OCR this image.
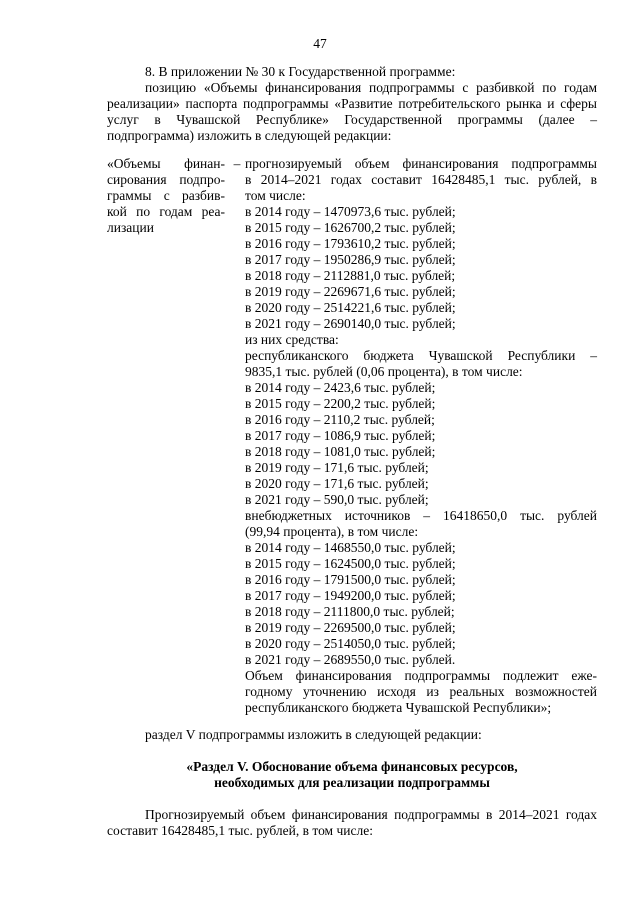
47
8. В приложении № 30 к Государственной программе:
позицию «Объемы финансирования подпрограммы с разбивкой по годам реализации» паспорта подпрограммы «Развитие потребительского рынка и сферы услуг в Чувашской Республике» Государственной программы (далее – подпрограмма) изложить в следующей редакции:
«Объемы финан-
сирования подпро-
граммы с разбив-
кой по годам реа-
лизации
– прогнозируемый объем финансирования подпрограммы
в 2014–2021 годах составит 16428485,1 тыс. рублей, в
том числе:
в 2014 году – 1470973,6 тыс. рублей;
в 2015 году – 1626700,2 тыс. рублей;
в 2016 году – 1793610,2 тыс. рублей;
в 2017 году – 1950286,9 тыс. рублей;
в 2018 году – 2112881,0 тыс. рублей;
в 2019 году – 2269671,6 тыс. рублей;
в 2020 году – 2514221,6 тыс. рублей;
в 2021 году – 2690140,0 тыс. рублей;
из них средства:
республиканского бюджета Чувашской Республики –
9835,1 тыс. рублей (0,06 процента), в том числе:
в 2014 году – 2423,6 тыс. рублей;
в 2015 году – 2200,2 тыс. рублей;
в 2016 году – 2110,2 тыс. рублей;
в 2017 году – 1086,9 тыс. рублей;
в 2018 году – 1081,0 тыс. рублей;
в 2019 году – 171,6 тыс. рублей;
в 2020 году – 171,6 тыс. рублей;
в 2021 году – 590,0 тыс. рублей;
внебюджетных источников – 16418650,0 тыс. рублей
(99,94 процента), в том числе:
в 2014 году – 1468550,0 тыс. рублей;
в 2015 году – 1624500,0 тыс. рублей;
в 2016 году – 1791500,0 тыс. рублей;
в 2017 году – 1949200,0 тыс. рублей;
в 2018 году – 2111800,0 тыс. рублей;
в 2019 году – 2269500,0 тыс. рублей;
в 2020 году – 2514050,0 тыс. рублей;
в 2021 году – 2689550,0 тыс. рублей.
Объем финансирования подпрограммы подлежит еже-
годному уточнению исходя из реальных возможностей
республиканского бюджета Чувашской Республики»;
раздел V подпрограммы изложить в следующей редакции:
«Раздел V. Обоснование объема финансовых ресурсов,
необходимых для реализации подпрограммы
Прогнозируемый объем финансирования подпрограммы в 2014–2021 годах составит 16428485,1 тыс. рублей, в том числе:
